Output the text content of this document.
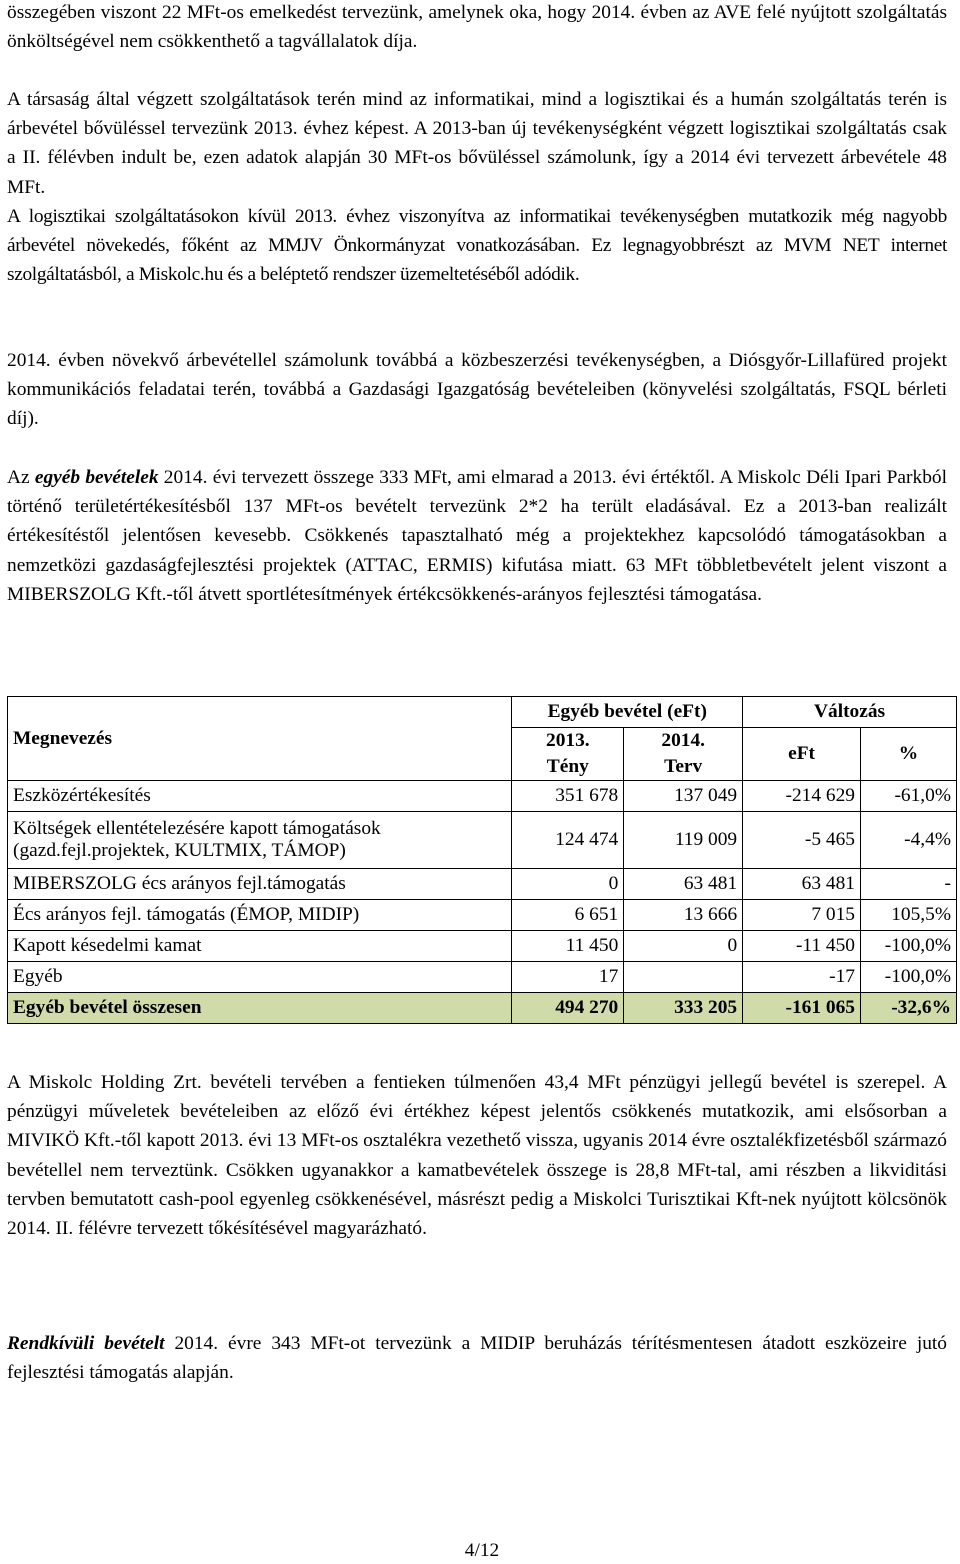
összegében viszont 22 MFt-os emelkedést tervezünk, amelynek oka, hogy 2014. évben az AVE felé nyújtott szolgáltatás önköltségével nem csökkenthető a tagvállalatok díja.

A társaság által végzett szolgáltatások terén mind az informatikai, mind a logisztikai és a humán szolgáltatás terén is árbevétel bővüléssel tervezünk 2013. évhez képest. A 2013-ban új tevékenységként végzett logisztikai szolgáltatás csak a II. félévben indult be, ezen adatok alapján 30 MFt-os bővüléssel számolunk, így a 2014 évi tervezett árbevétele 48 MFt.

A logisztikai szolgáltatásokon kívül 2013. évhez viszonyítva az informatikai tevékenységben mutatkozik még nagyobb árbevétel növekedés, főként az MMJV Önkormányzat vonatkozásában. Ez legnagyobbrészt az MVM NET internet szolgáltatásból, a Miskolc.hu és a beléptető rendszer üzemeltetéséből adódik.

2014. évben növekvő árbevétellel számolunk továbbá a közbeszerzési tevékenységben, a Diósgyőr-Lillafüred projekt kommunikációs feladatai terén, továbbá a Gazdasági Igazgatóság bevételeiben (könyvelési szolgáltatás, FSQL bérleti díj).

Az egyéb bevételek 2014. évi tervezett összege 333 MFt, ami elmarad a 2013. évi értéktől. A Miskolc Déli Ipari Parkból történő területértékesítésből 137 MFt-os bevételt tervezünk 2*2 ha terült eladásával. Ez a 2013-ban realizált értékesítéstől jelentősen kevesebb. Csökkenés tapasztalható még a projektekhez kapcsolódó támogatásokban a nemzetközi gazdaságfejlesztési projektek (ATTAC, ERMIS) kifutása miatt. 63 MFt többletbevételt jelent viszont a MIBERSZOLG Kft.-től átvett sportlétesítmények értékcsökkenés-arányos fejlesztési támogatása.

Megnevezés	Egyéb bevétel (eFt)		Változás	
	2013.	2014.	eFt	%
	Tény	Terv		
Eszközértékesítés	351 678	137 049	-214 629	-61,0%
Költségek ellentételezésére kapott támogatások (gazd.fejl.projektek, KULTMIX, TÁMOP)	124 474	119 009	-5 465	-4,4%
MIBERSZOLG écs arányos fejl.támogatás	0	63 481	63 481	-
Écs arányos fejl. támogatás (ÉMOP, MIDIP)	6 651	13 666	7 015	105,5%
Kapott késedelmi kamat	11 450	0	-11 450	-100,0%
Egyéb	17		-17	-100,0%
Egyéb bevétel összesen	494 270	333 205	-161 065	-32,6%

A Miskolc Holding Zrt. bevételi tervében a fentieken túlmenően 43,4 MFt pénzügyi jellegű bevétel is szerepel. A pénzügyi műveletek bevételeiben az előző évi értékhez képest jelentős csökkenés mutatkozik, ami elsősorban a MIVIKÖ Kft.-től kapott 2013. évi 13 MFt-os osztalékra vezethető vissza, ugyanis 2014 évre osztalékfizetésből származó bevétellel nem terveztünk. Csökken ugyanakkor a kamatbevételek összege is 28,8 MFt-tal, ami részben a likviditási tervben bemutatott cash-pool egyenleg csökkenésével, másrészt pedig a Miskolci Turisztikai Kft-nek nyújtott kölcsönök 2014. II. félévre tervezett tőkésítésével magyarázható.

Rendkívüli bevételt 2014. évre 343 MFt-ot tervezünk a MIDIP beruházás térítésmentesen átadott eszközeire jutó fejlesztési támogatás alapján.

4/12
